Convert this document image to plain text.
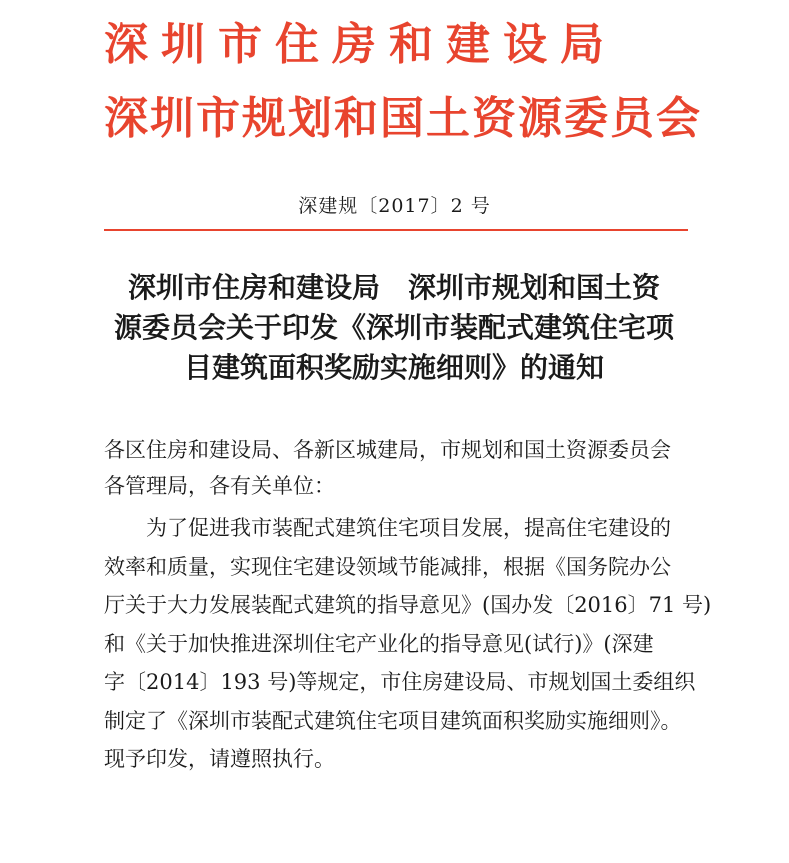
深圳市住房和建设局
深圳市规划和国土资源委员会
深建规〔2017〕2 号
深圳市住房和建设局　深圳市规划和国土资
源委员会关于印发《深圳市装配式建筑住宅项
目建筑面积奖励实施细则》的通知
各区住房和建设局、各新区城建局，市规划和国土资源委员会
各管理局，各有关单位：
为了促进我市装配式建筑住宅项目发展，提高住宅建设的
效率和质量，实现住宅建设领域节能减排，根据《国务院办公
厅关于大力发展装配式建筑的指导意见》(国办发〔2016〕71 号)
和《关于加快推进深圳住宅产业化的指导意见(试行)》(深建
字〔2014〕193 号)等规定，市住房建设局、市规划国土委组织
制定了《深圳市装配式建筑住宅项目建筑面积奖励实施细则》。
现予印发，请遵照执行。
